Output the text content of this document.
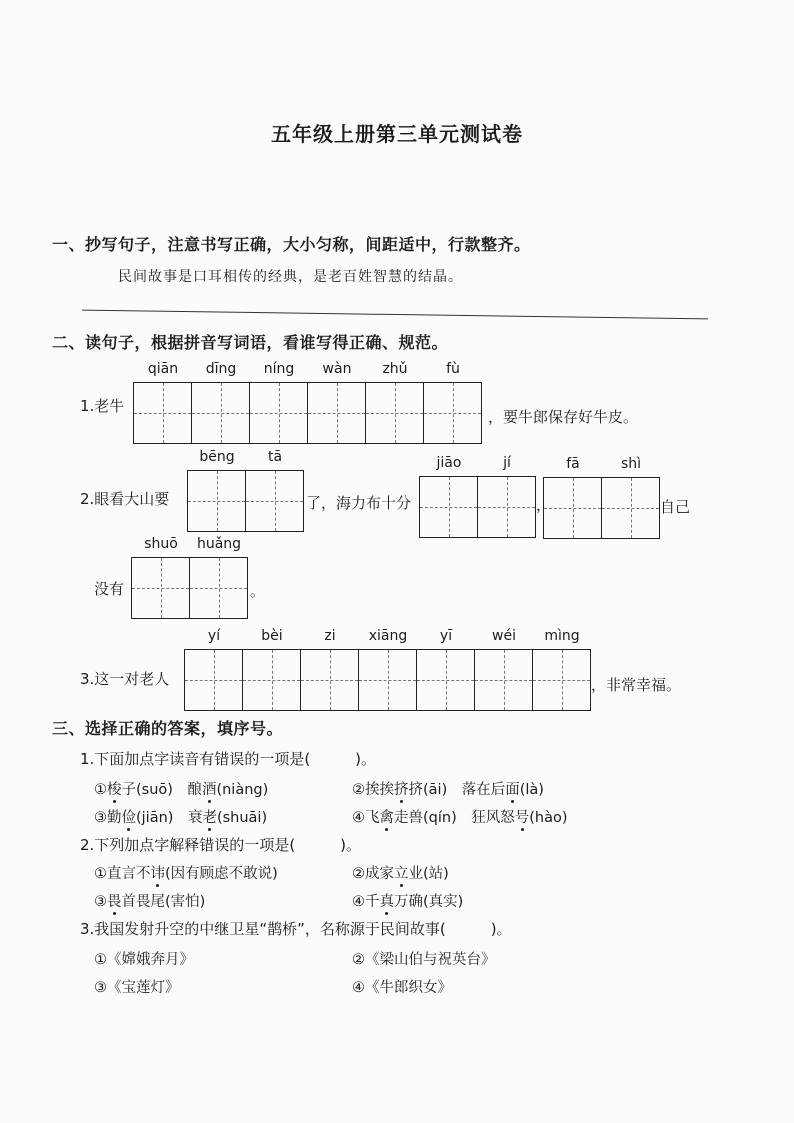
五年级上册第三单元测试卷
一、抄写句子，注意书写正确，大小匀称，间距适中，行款整齐。
民间故事是口耳相传的经典，是老百姓智慧的结晶。
二、读句子，根据拼音写词语，看谁写得正确、规范。
1.老牛
qiān	dīng	níng	wàn	zhǔ	fù
，要牛郎保存好牛皮。
2.眼看大山要
bēng	tā
了，海力布十分
jiāo	jí
，
fā	shì
自己
没有
shuō	huǎng
。
3.这一对老人
yí	bèi	zi	xiāng	yī	wéi	mìng
，非常幸福。
三、选择正确的答案，填序号。
1.下面加点字读音有错误的一项是(　　　)。
①梭子(suō)　酿酒(niàng)	②挨挨挤挤(āi)　落在后面(là)
③勤俭(jiān)　衰老(shuāi)	④飞禽走兽(qín)　狂风怒号(hào)
2.下列加点字解释错误的一项是(　　　)。
①直言不讳(因有顾虑不敢说)	②成家立业(站)
③畏首畏尾(害怕)	④千真万确(真实)
3.我国发射升空的中继卫星“鹊桥”，名称源于民间故事(　　　)。
①《嫦娥奔月》	②《梁山伯与祝英台》
③《宝莲灯》	④《牛郎织女》
